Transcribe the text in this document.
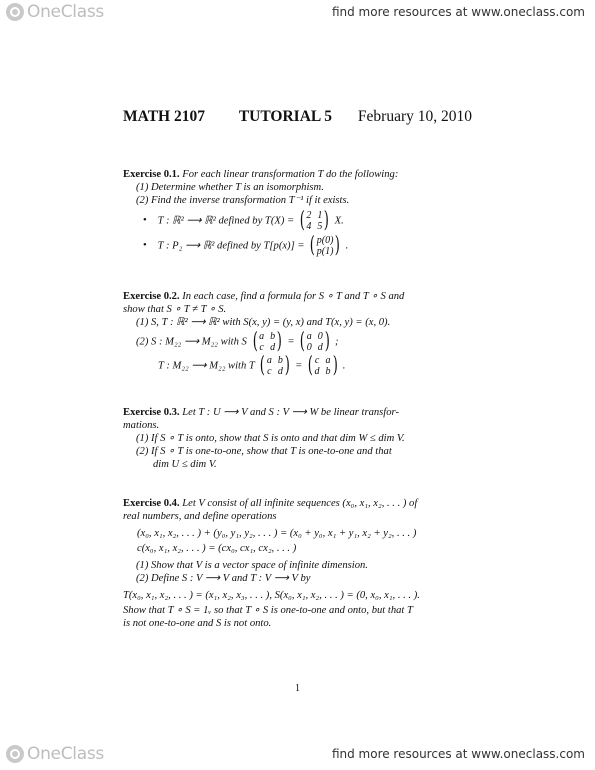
OneClass	find more resources at www.oneclass.com
MATH 2107 TUTORIAL 5 February 10, 2010
Exercise 0.1. For each linear transformation T do the following:
(1) Determine whether T is an isomorphism.
(2) Find the inverse transformation T⁻¹ if it exists.
• T : ℝ² ⟶ ℝ² defined by T(X) = ( 2 1
4 5 ) X.
• T : P₂ ⟶ ℝ² defined by T[p(x)] = ( p(0)
p(1) ) .
Exercise 0.2. In each case, find a formula for S ∘ T and T ∘ S and
show that S ∘ T ≠ T ∘ S.
(1) S, T : ℝ² ⟶ ℝ² with S(x, y) = (y, x) and T(x, y) = (x, 0).
(2) S : M₂₂ ⟶ M₂₂ with S ( a b
c d ) = ( a 0
0 d ) ;
T : M₂₂ ⟶ M₂₂ with T ( a b
c d ) = ( c a
d b ) .
Exercise 0.3. Let T : U ⟶ V and S : V ⟶ W be linear transfor-
mations.
(1) If S ∘ T is onto, show that S is onto and that dim W ≤ dim V.
(2) If S ∘ T is one-to-one, show that T is one-to-one and that
dim U ≤ dim V.
Exercise 0.4. Let V consist of all infinite sequences (x₀, x₁, x₂, . . . ) of
real numbers, and define operations
(x₀, x₁, x₂, . . . ) + (y₀, y₁, y₂, . . . ) = (x₀ + y₀, x₁ + y₁, x₂ + y₂, . . . )
c(x₀, x₁, x₂, . . . ) = (cx₀, cx₁, cx₂, . . . )
(1) Show that V is a vector space of infinite dimension.
(2) Define S : V ⟶ V and T : V ⟶ V by
T(x₀, x₁, x₂, . . . ) = (x₁, x₂, x₃, . . . ), S(x₀, x₁, x₂, . . . ) = (0, x₀, x₁, . . . ).
Show that T ∘ S = 1ᵥ so that T ∘ S is one-to-one and onto, but that T
is not one-to-one and S is not onto.
1
OneClass	find more resources at www.oneclass.com
